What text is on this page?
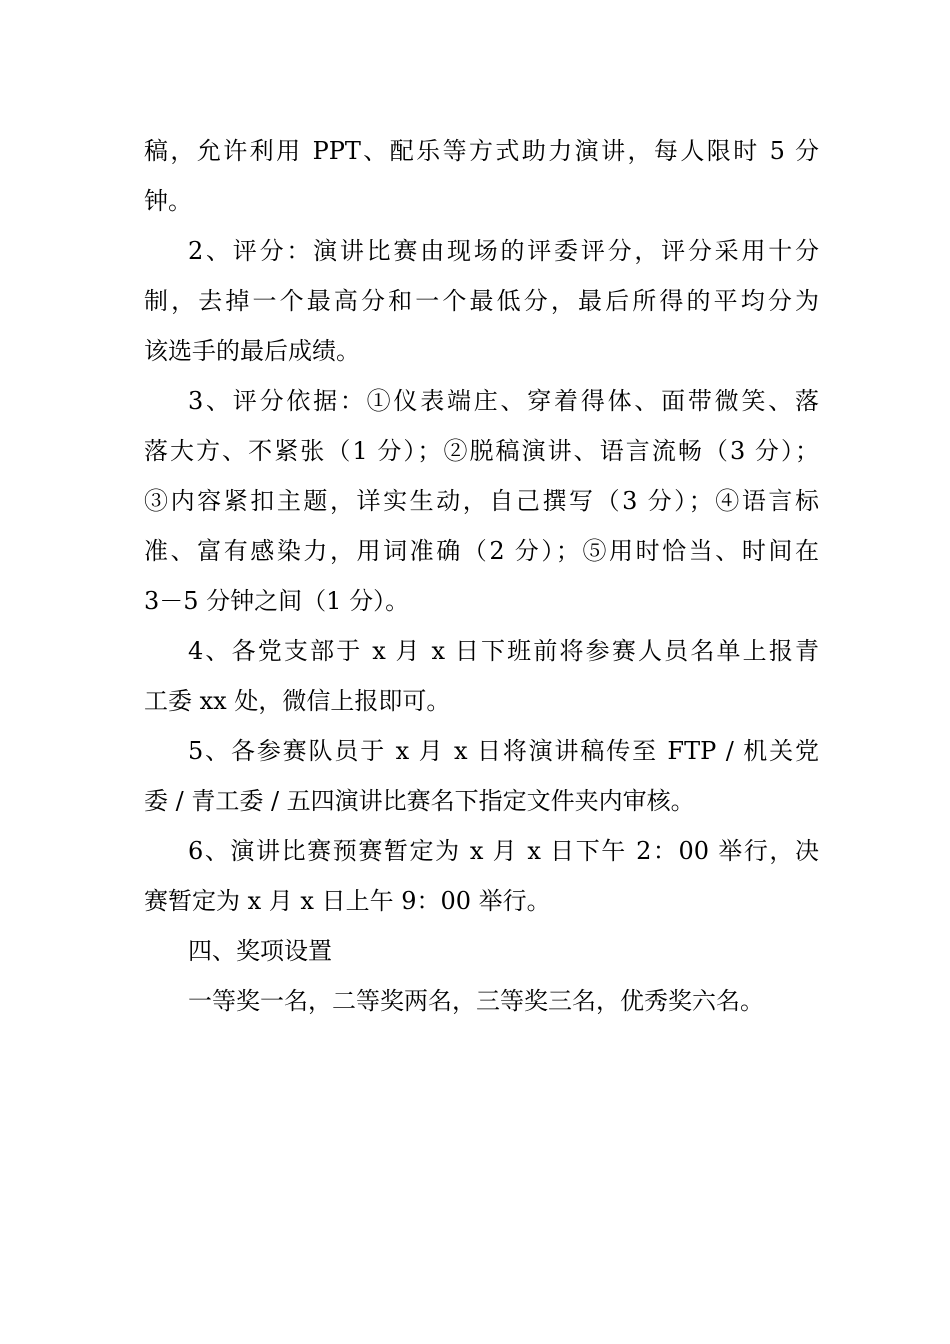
稿，允许利用 PPT、配乐等方式助力演讲，每人限时 5 分
钟。

2、评分：演讲比赛由现场的评委评分，评分采用十分
制，去掉一个最高分和一个最低分，最后所得的平均分为
该选手的最后成绩。

3、评分依据：①仪表端庄、穿着得体、面带微笑、落
落大方、不紧张（1 分）；②脱稿演讲、语言流畅（3 分）；
③内容紧扣主题，详实生动，自己撰写（3 分）；④语言标
准、富有感染力，用词准确（2 分）；⑤用时恰当、时间在
3－5 分钟之间（1 分）。

4、各党支部于 x 月 x 日下班前将参赛人员名单上报青
工委 xx 处，微信上报即可。

5、各参赛队员于 x 月 x 日将演讲稿传至 FTP / 机关党
委 / 青工委 / 五四演讲比赛名下指定文件夹内审核。

6、演讲比赛预赛暂定为 x 月 x 日下午 2：00 举行，决
赛暂定为 x 月 x 日上午 9：00 举行。

四、奖项设置

一等奖一名，二等奖两名，三等奖三名，优秀奖六名。
